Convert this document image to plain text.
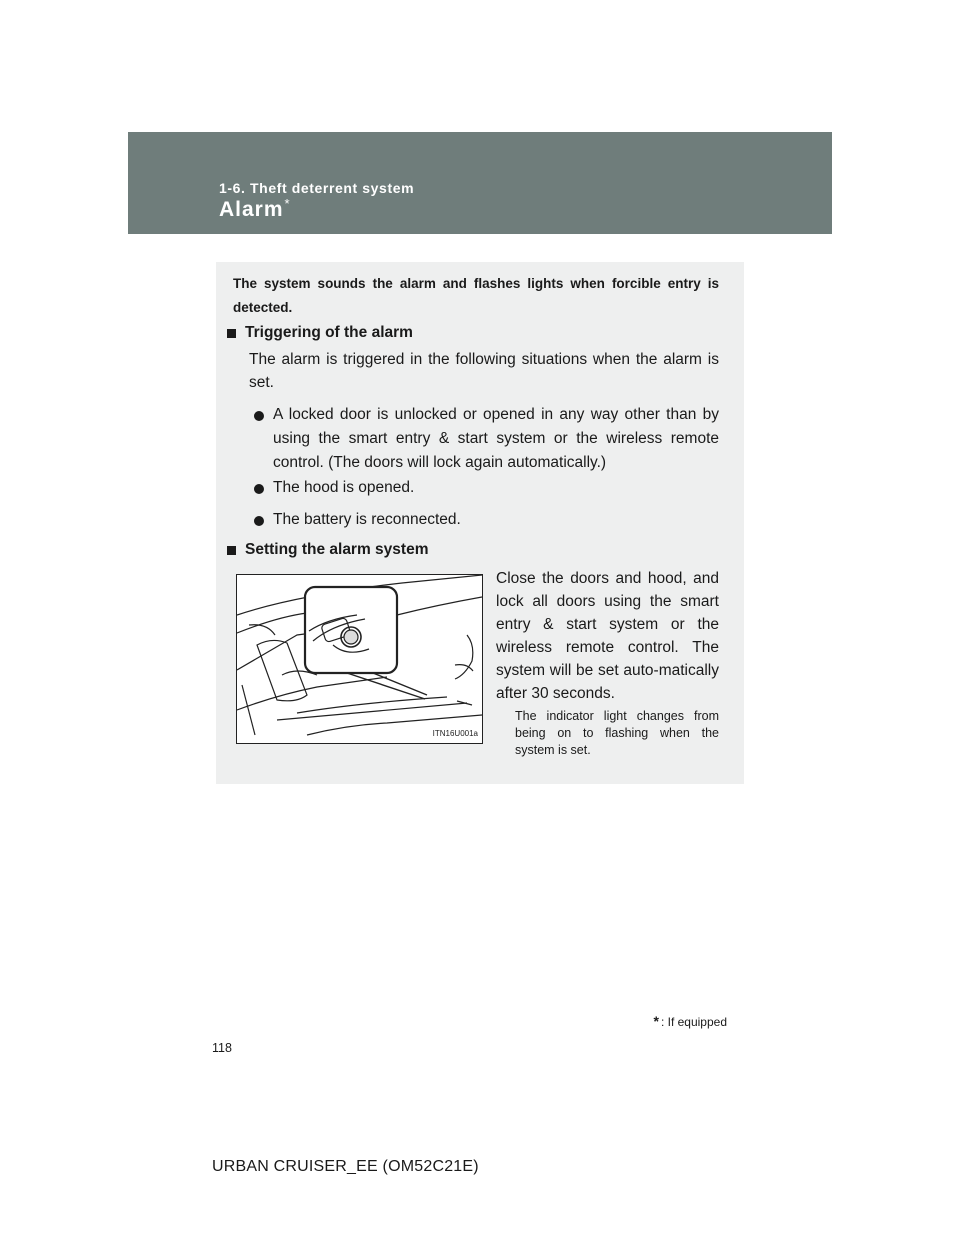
1-6. Theft deterrent system
Alarm*
The system sounds the alarm and flashes lights when forcible entry is detected.
Triggering of the alarm
The alarm is triggered in the following situations when the alarm is set.
A locked door is unlocked or opened in any way other than by using the smart entry & start system or the wireless remote control. (The doors will lock again automatically.)
The hood is opened.
The battery is reconnected.
Setting the alarm system
ITN16U001a
Close the doors and hood, and lock all doors using the smart entry & start system or the wireless remote control. The system will be set auto-matically after 30 seconds.
The indicator light changes from being on to flashing when the system is set.
* : If equipped
118
URBAN CRUISER_EE (OM52C21E)
